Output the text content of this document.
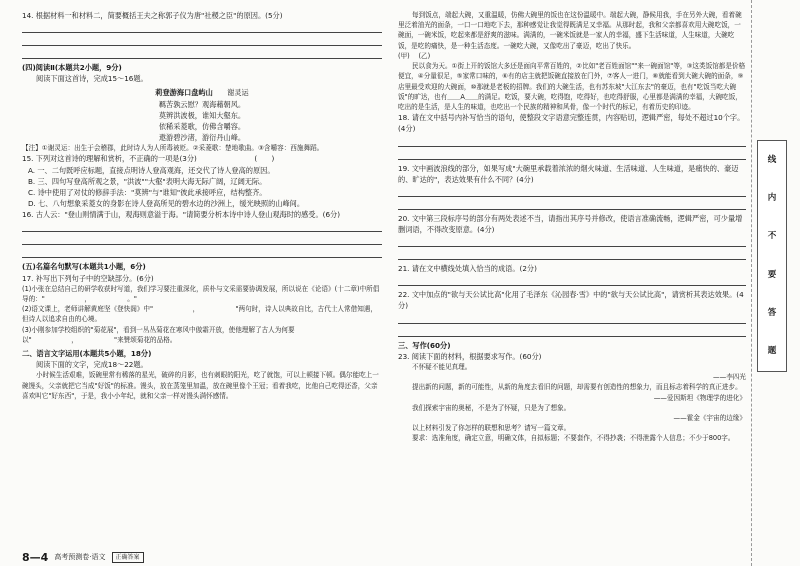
14. 根据材料一和材料二，简要概括王夫之称郭子仪为唐"社稷之臣"的原因。(5分)

(四)阅读Ⅱ(本题共2小题，9分)

阅读下面这首诗，完成15～16题。

莉登游海口盘屿山　　 谢灵运

羁苦孰云慰？观海藉朝风。

莫辨洪波极，谁知大壑东。

依稀采菱歌，仿佛含嚼容。

遨游碧沙渚，游衍丹山峰。

【注】①谢灵运：出生于会稽郡，此时诗人为人所毒被贬。②采菱歌：楚地歌曲。③含嚼容：西施舞蹈。

15. 下列对这首诗的理解和赏析，不正确的一项是(3分)　　　　　　　　(　　)

A. 一、二句既呼应标题，直接点明诗人登高观海，还交代了诗人登高的原因。

B. 三、四句写登高所观之景，"洪波""大壑"表明大海无际广阔，辽阔无际。

C. 诗中使用了对仗的修辞手法："莫辨"与"谁知"彼此承接呼应，结构整齐。

D. 七、八句想象采菱女的身影在诗人登高所见的碧水边的沙洲上，缓光映照的山峰间。

16. 古人云："登山则情满于山，观海则意溢于海。"请简要分析本诗中诗人登山观海时的感受。(6分)

(五)名篇名句默写(本题共1小题，6分)

17. 补写出下列句子中的空缺部分。(6分)

(1)小张在总结自己的研学收获时写道，我们学习要注重深化，质朴与文采需要协调发展，所以说在《论语》(十二章)中所倡导的："　　　　　　，　　　　　　。"

(2)语文课上，老师讲解黄庭坚《登快阁》中"　　　　　　，　　　　　　"两句时，诗人以典故自比，古代士人常借知遇，但诗人以追求自由的心境。

(3)小刚参加学校组织的"菊花展"，看到一丛丛菊花在寒风中傲霜开放，使他理解了古人为何要以"　　　　　　，　　　　　　"来赞颂菊花的品格。

二、语言文字运用(本题共5小题，18分)

阅读下面的文字，完成18～22题。

小时候生活艰难，饭碗里常有稀落的星光，破碎的月影，也有刺眼的阳光，吃了就饱，可以上顿接下顿。偶尔能吃上一碗馒头，父亲就把它当成"好饭"的标准。馒头，放在蒸笼里加温，放在碗里像个王冠；看着我吃，比他自己吃得还香，父亲喜欢叫它"好东西"，于是，我小小年纪，就和父亲一样对馒头满怀感情。

每到饭点，端起大碗，又重温暖，仿佛大碗里的饭也在这份温暖中。端起大碗，静候用我，手在另外大碗，看着碗里泛着油光的面条，一口一口地吃下去，那种感觉让我觉得既满足又幸福。从那时起，我和父亲都喜欢用大碗吃饭，一碗面，一碗米饭，吃起来都是舒爽的滋味。满满的，一碗米饭就是一家人的幸福，盛下生活味道，人生味道，大碗吃饭，是吃的痛快，是一种生活态度。一碗吃大碗，又像吃出了豪迈，吃出了快乐。

(甲)　 (乙)

民以食为天。①街上开的饭馆大多还是面向平常百姓的，②比如"老百姓面馆""来一碗面馆"等，③这类饭馆都是价格便宜，④分量很足，⑤家常口味的，⑥有的店主就把饭碗直接放在门外，⑦客人一进门，⑧就能看到大碗大碗的面条，⑨店里最受欢迎的大碗面，⑩那就是老板的招牌。我们的大碗生活，也有苏东坡"大江东去"的豪迈，也有"吃饭当吃大碗饭"的旷达，也有＿＿A＿＿的满足。吃饭，要大碗，吃得饱，吃得好，也吃得舒服，心里都是满满的幸福，大碗吃饭，吃出的是生活，是人生的味道，也吃出一个民族的精神和风骨，像一个时代的标记，有着历史的印迹。

18. 请在文中括号内补写恰当的语句，使整段文字语意完整连贯，内容贴切，逻辑严密，每处不超过10个字。(4分)

19. 文中画波浪线的部分，如果写成"大碗里承载着浓浓的烟火味道、生活味道、人生味道，是痛快的、豪迈的、旷达的"，表达效果有什么不同？(4分)

20. 文中第三段标序号的部分有两处表述不当，请指出其序号并修改，使语言准确流畅，逻辑严密，可少量增删词语，不得改变原意。(4分)

21. 请在文中横线处填入恰当的成语。(2分)

22. 文中加点的"欲与天公试比高"化用了毛泽东《沁园春·雪》中的"欲与天公试比高"，请赏析其表达效果。(4分)

三、写作(60分)

23. 阅读下面的材料，根据要求写作。(60分)

不怀疑不能见真理。

——李四光

提出新的问题，新的可能性，从新的角度去看旧的问题，却需要有创造性的想象力，而且标志着科学的真正进步。

——爱因斯坦《物理学的进化》

我们探索宇宙的奥秘，不是为了怀疑，只是为了想象。

——霍金《宇宙的边缘》

以上材料引发了你怎样的联想和思考？请写一篇文章。

要求：选准角度，确定立意，明确文体，自拟标题；不要套作，不得抄袭；不得泄露个人信息；不少于800字。

线
内
不
要
答
题
8—4 高考预测卷·语文	正确答案
